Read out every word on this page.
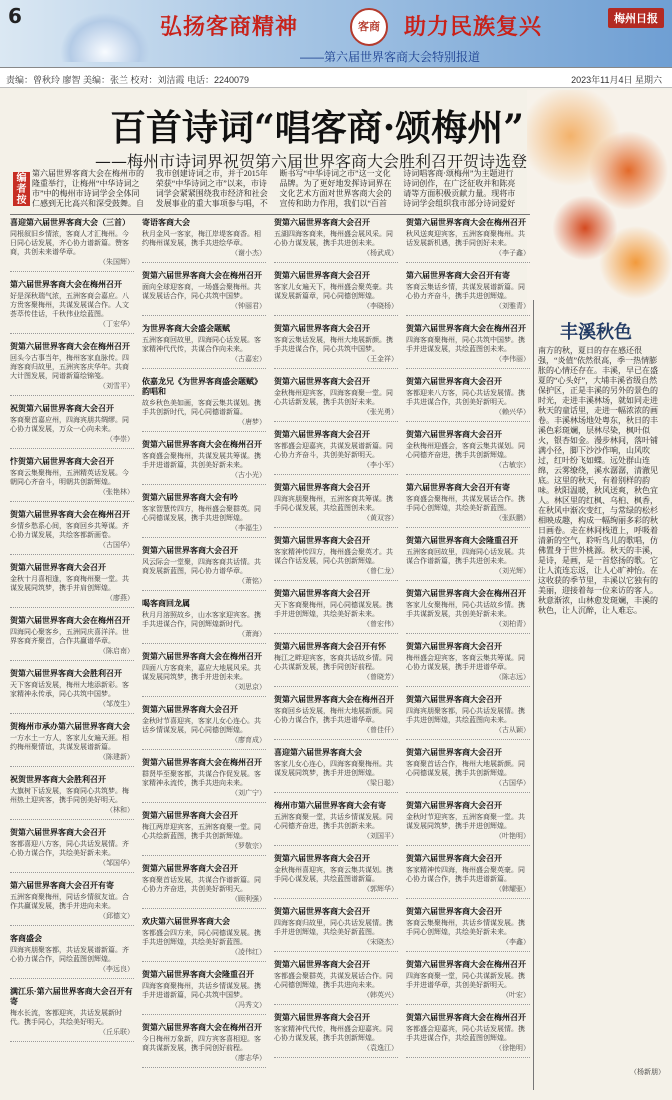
6	弘扬客商精神	客商	助力民族复兴	梅州日报
——第六届世界客商大会特别报道
责编：曾秋玲 廖智 美编：张兰 校对：刘洁霞 电话：2240079	2023年11月4日 星期六
百首诗词“唱客商·颂梅州”
——梅州市诗词界祝贺第六届世界客商大会胜利召开贺诗选登
编者按
第六届世界客商大会在梅州市的隆重举行，让梅州“中华诗词之市”中的梅州市诗词学会全体同仁感到无比高兴和深受鼓舞。自我市创建诗词之市，并于2015年荣获“中华诗词之市”以来，市诗词学会紧紧围绕我市经济和社会发展事业的重大事项参与唱，不断书写“中华诗词之市”这一文化品牌。为了更好地发挥诗词界在文化艺术方面对世界客商大会的宣传和助力作用，我们以“百首诗词唱客商·颂梅州”为主题进行诗词创作，在广泛征收并和陈亮请等方面积极贡献力量。现将市诗词学会组织我市部分诗词爱好
喜迎第六届世界客商大会（三首）
同根叙旧乡情浓，客商人才汇梅州。今日同心话发展，齐心协力谱新篇。赞客商，共创未来谱华章。
（朱国辉）
第六届世界客商大会在梅州召开
好是深秋瑞气浓，五洲客商会嘉应。八方贵客聚梅州，共谋发展谋合作。人文荟萃传佳话，千秋伟业绘蓝图。
（丁宏华）
贺第六届世界客商大会在梅州召开
回头今古事当年，梅州客家血脉传。四海客商归故里，五洲宾客庆华年。共商大计图发展，同谱新篇绘锦笺。
（刘雪平）
祝贺第六届世界客商大会召开
客商聚首嘉应州，四海宾朋共绸缪。同心协力谋发展，万众一心向未来。
（李崇）
忭贺第六届世界客商大会召开
客商云集聚梅州，五洲精英话发展。今朝同心齐奋斗，明朝共创新辉煌。
（张艳林）
贺第六届世界客商大会在梅州召开
乡情乡愁系心间，客商回乡共筹谋。齐心协力谋发展，共绘客都新画卷。
（古国华）
贺第六届世界客商大会召开
金秋十月喜相逢，客商梅州聚一堂。共谋发展同筑梦，携手并肩创辉煌。
（廖燕）
贺第六届世界客商大会在梅州召开
四海同心聚客乡，五洲同庆喜洋洋。世界客商齐聚首，合作共赢谱华章。
（陈启南）
贺第六届世界客商大会胜利召开
天下客商话发展，梅州大地添新彩。客家精神永传承，同心共筑中国梦。
（邹茂生）
贺梅州市承办第六届世界客商大会
一方水土一方人，客家儿女遍天涯。相约梅州聚情谊，共谋发展谱新篇。
（陈建新）
祝贺世界客商大会胜利召开
大旗树下话发展，客商同心共筑梦。梅州热土迎宾客，携手同创美好明天。
（林和）
贺第六届世界客商大会召开
客都喜迎八方客，同心共话发展情。齐心协力谋合作，共绘美好新未来。
（邹国华）
第六届世界客商大会召开有寄
五洲客商聚梅州，同话乡情叙友谊。合作共赢谋发展，携手并进向未来。
（邱德文）
客商盛会
四海宾朋聚客都，共话发展谱新篇。齐心协力谋合作，同绘蓝图创辉煌。
（李远良）
满江乐·第六届世界客商大会召开有寄
梅水长流，客都迎宾，共话发展新时代。携手同心，共绘美好明天。
（丘乐联）
寄语客商大会
秋月金风一客家，梅江岸堤客商香。相约梅州谋发展，携手共进绘华章。
（谢小杰）
贺第六届世界客商大会在梅州召开
面向全球迎客商，一场盛会聚梅州。共谋发展话合作，同心共筑中国梦。
（钟丽君）
为世界客商大会盛会题赋
五洲客商回故里，四海同心话发展。客家精神代代传，共谋合作向未来。
（古嘉宏）
依嘉龙兄《为世界客商盛会题赋》韵唱和
故乡秋色美如画，客商云集共谋划。携手共创新时代，同心同德谱新篇。
（唐梦）
贺第六届世界客商大会在梅州召开
客商盛会聚梅州，共谋发展共筹谋。携手并进谱新篇，共创美好新未来。
（古小光）
贺第六届世界客商大会有吟
客家智慧传四方，梅州盛会聚群英。同心同德谋发展，携手共进创辉煌。
（李福生）
贺第六届世界客商大会召开
风云际会一堂聚，四海客商共话情。共商发展新蓝图，同心协力谱华章。
（萧铭）
喝客商回龙属
秋月月溶照故乡，山水客家迎宾客。携手共进谋合作，同创辉煌新时代。
（萧海）
贺第六届世界客商大会在梅州召开
四面八方客商来，嘉应大地展风采。共谋发展同筑梦，携手并进创未来。
（刘思京）
贺第六届世界客商大会召开
金秋时节喜迎宾，客家儿女心连心。共话乡情谋发展，同心同德创辉煌。
（廖育成）
贺第六届世界客商大会在梅州召开
群贤毕至聚客都，共谋合作促发展。客家精神永流传，携手共进向未来。
（刘广宁）
贺第六届世界客商大会召开
梅江两岸迎宾客，五洲客商聚一堂。同心共绘新蓝图，携手共创新辉煌。
（罗敬宗）
贺第六届世界客商大会召开
客商聚首话发展，共谋合作谱新篇。同心协力齐奋进，共创美好新明天。
（顾利强）
欢庆第六届世界客商大会
客都盛会四方来，同心同德谋发展。携手共进创辉煌，共绘美好新蓝图。
（凌伟红）
贺第六届世界客商大会隆重召开
四海客商聚梅州，共话乡情谋发展。携手并进谱新篇，同心共筑中国梦。
（冯秀文）
贺第六届世界客商大会在梅州召开
今日梅州万象新，四方宾客喜相迎。客商共谋新发展，携手同创好前程。
（廖志华）
贺第六届世界客商大会召开
五湖四海客商来，梅州盛会展风采。同心协力谋发展，携手共进创未来。
（杨武成）
贺第六届世界客商大会召开
客家儿女遍天下，梅州盛会聚英豪。共谋发展新篇章，同心同德创辉煌。
（李晓杨）
贺第六届世界客商大会召开
客商云集话发展，梅州大地展新颜。携手共进谋合作，同心共筑中国梦。
（王金祥）
贺第六届世界客商大会召开
金秋梅州迎宾客，四海客商聚一堂。同心共话新发展，携手共创好未来。
（张光勇）
贺第六届世界客商大会召开
客都盛会迎嘉宾，共谋发展谱新篇。同心协力齐奋斗，共创美好新明天。
（李小军）
贺第六届世界客商大会召开
四海宾朋聚梅州，五洲客商共筹谋。携手同心谋发展，共绘蓝图创未来。
（黄双容）
贺第六届世界客商大会召开
客家精神传四方，梅州盛会聚英才。共谋合作话发展，同心共创新辉煌。
（曾仁龙）
贺第六届世界客商大会召开
天下客商聚梅州，同心同德谋发展。携手并进创辉煌，共绘美好新未来。
（曾宏伟）
贺第六届世界客商大会召开有怀
梅江之畔迎宾客，客商共话故乡情。同心共谋新发展，携手同创好前程。
（曾晓芳）
贺第六届世界客商大会在梅州召开
客商回乡话发展，梅州大地展新颜。同心协力谋合作，携手共进谱华章。
（曾佳仟）
喜迎第六届世界客商大会
客家儿女心连心，四海客商聚梅州。共谋发展同筑梦，携手并进创辉煌。
（梁日聪）
梅州市第六届世界客商大会有寄
五洲客商聚一堂，共话乡情谋发展。同心同德齐奋进，携手共创新未来。
（刘国平）
贺第六届世界客商大会召开
金秋梅州喜迎宾，客商云集共谋划。携手同心谋发展，共绘蓝图谱新篇。
（郭辉华）
贺第六届世界客商大会召开
四海客商归故里，同心共话发展情。携手并进创辉煌，共绘美好新蓝图。
（宋晓杰）
贺第六届世界客商大会召开
客都盛会聚群英，共谋发展话合作。同心同德创辉煌，携手共进向未来。
（韩英兴）
贺第六届世界客商大会召开
客家精神代代传，梅州盛会迎嘉宾。同心协力谋发展，携手共创新辉煌。
（袁逸江）
贺第六届世界客商大会在梅州召开
秋风送爽迎宾客，五洲客商聚梅州。共话发展新机遇，携手同创好未来。
（李子鑫）
第六届世界客商大会召开有寄
客商云集话乡情，共谋发展谱新篇。同心协力齐奋斗，携手共进创辉煌。
（刘雅青）
贺第六届世界客商大会在梅州召开
四海客商聚梅州，同心共筑中国梦。携手并进谋发展，共绘蓝图创未来。
（李伟丽）
贺第六届世界客商大会召开
客都迎来八方客，同心共话发展情。携手共进谋合作，共创美好新明天。
（赖兴华）
贺第六届世界客商大会召开
金秋梅州迎盛会，客商云集共谋划。同心同德齐奋进，携手共创新辉煌。
（古敏宗）
第六届世界客商大会召开有寄
客商盛会聚梅州，共谋发展话合作。携手同心创辉煌，共绘美好新蓝图。
（张跃鹏）
贺第六届世界客商大会隆重召开
五洲客商回故里，四海同心话发展。共谋合作谱新篇，携手共进创未来。
（刘光辉）
贺第六届世界客商大会在梅州召开
客家儿女聚梅州，同心共话故乡情。携手共谋新发展，共创美好新未来。
（刘柏青）
贺第六届世界客商大会召开
梅州盛会迎宾客，客商云集共筹谋。同心协力谋发展，携手并进谱华章。
（陈志远）
贺第六届世界客商大会召开
四海宾朋聚客都，同心共话发展情。携手共进创辉煌，共绘蓝图向未来。
（古从颖）
贺第六届世界客商大会召开
客商聚首话合作，梅州大地展新颜。同心同德谋发展，携手共创新辉煌。
（古国华）
贺第六届世界客商大会召开
金秋时节迎宾客，五洲客商聚一堂。共谋发展同筑梦，携手并进创辉煌。
（叶艳明）
贺第六届世界客商大会召开
客家精神传四海，梅州盛会聚英豪。同心协力谋合作，携手共进谱新篇。
（韩耀驱）
贺第六届世界客商大会召开
客商云集聚梅州，共话乡情谋发展。携手同心创辉煌，共绘美好新未来。
（李鑫）
贺第六届世界客商大会在梅州召开
四海客商聚一堂，同心共谋新发展。携手并进谱华章，共创美好新明天。
（叶宏）
贺第六届世界客商大会在梅州召开
客都盛会迎嘉宾，同心共话发展情。携手共进谋合作，共绘蓝图创辉煌。
（徐艳明）
丰溪秋色
南方的秋，夏日的存在感还很强，“炎值”依然很高，季一热情膨胀的心情还存在。丰溪，早已在盛夏的“心头好”，大埔丰溪省级自然保护区，正是丰溪的另外的景色的时光，走进丰溪林场，就如同走进秋天的童话里，走进一幅浓浓的画卷。丰溪林场地处粤东，秋日的丰溪色彩斑斓，层林尽染，枫叶似火，银杏如金。漫步林间，落叶铺满小径，脚下沙沙作响，山风吹过，红叶纷飞如蝶。远处群山连绵，云雾缭绕，溪水潺潺，清澈见底。这里的秋天，有着别样的韵味。秋阳温暖，秋风送爽，秋色宜人。林区里的红枫、乌桕、枫香，在秋风中渐次变红，与常绿的松杉相映成趣，构成一幅绚丽多彩的秋日画卷。走在林间栈道上，呼吸着清新的空气，聆听鸟儿的歌唱，仿佛置身于世外桃源。秋天的丰溪，是诗，是画，是一首悠扬的歌。它让人流连忘返，让人心旷神怡。在这收获的季节里，丰溪以它独有的美丽，迎接着每一位来访的客人。秋意渐浓，山林愈发斑斓，丰溪的秋色，让人沉醉，让人难忘。
（杨新朋）
